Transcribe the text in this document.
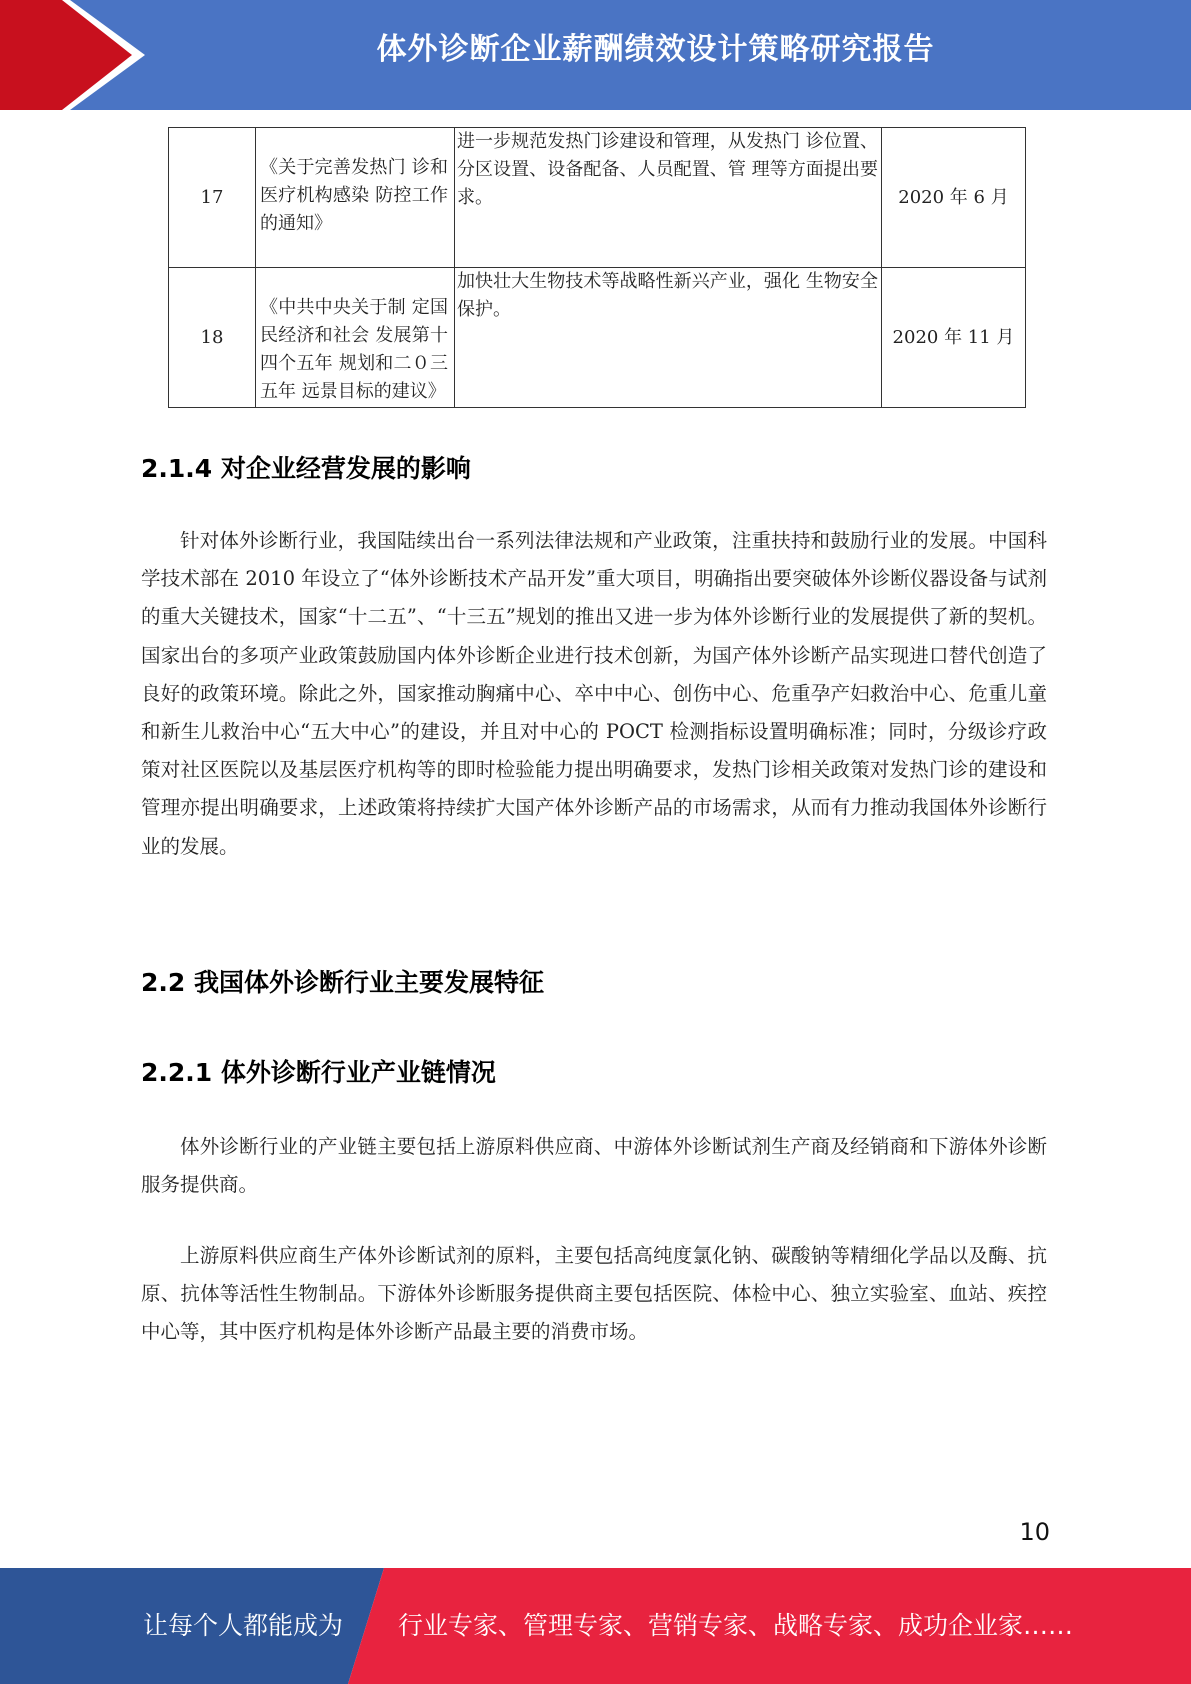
体外诊断企业薪酬绩效设计策略研究报告
17	《关于完善发热门 诊和医疗机构感染 防控工作的通知》	进一步规范发热门诊建设和管理，从发热门 诊位置、分区设置、设备配备、人员配置、管 理等方面提出要求。	2020 年 6 月
18	《中共中央关于制 定国民经济和社会 发展第十四个五年 规划和二０三五年 远景目标的建议》	加快壮大生物技术等战略性新兴产业，强化 生物安全保护。	2020 年 11 月
2.1.4 对企业经营发展的影响
针对体外诊断行业，我国陆续出台一系列法律法规和产业政策，注重扶持和鼓励行业的发展。中国科学技术部在 2010 年设立了“体外诊断技术产品开发”重大项目，明确指出要突破体外诊断仪器设备与试剂的重大关键技术，国家“十二五”、“十三五”规划的推出又进一步为体外诊断行业的发展提供了新的契机。国家出台的多项产业政策鼓励国内体外诊断企业进行技术创新，为国产体外诊断产品实现进口替代创造了良好的政策环境。除此之外，国家推动胸痛中心、卒中中心、创伤中心、危重孕产妇救治中心、危重儿童和新生儿救治中心“五大中心”的建设，并且对中心的 POCT 检测指标设置明确标准；同时，分级诊疗政策对社区医院以及基层医疗机构等的即时检验能力提出明确要求，发热门诊相关政策对发热门诊的建设和管理亦提出明确要求，上述政策将持续扩大国产体外诊断产品的市场需求，从而有力推动我国体外诊断行业的发展。
2.2 我国体外诊断行业主要发展特征
2.2.1 体外诊断行业产业链情况
体外诊断行业的产业链主要包括上游原料供应商、中游体外诊断试剂生产商及经销商和下游体外诊断服务提供商。
上游原料供应商生产体外诊断试剂的原料，主要包括高纯度氯化钠、碳酸钠等精细化学品以及酶、抗原、抗体等活性生物制品。下游体外诊断服务提供商主要包括医院、体检中心、独立实验室、血站、疾控中心等，其中医疗机构是体外诊断产品最主要的消费市场。
10
让每个人都能成为 行业专家、管理专家、营销专家、战略专家、成功企业家……
